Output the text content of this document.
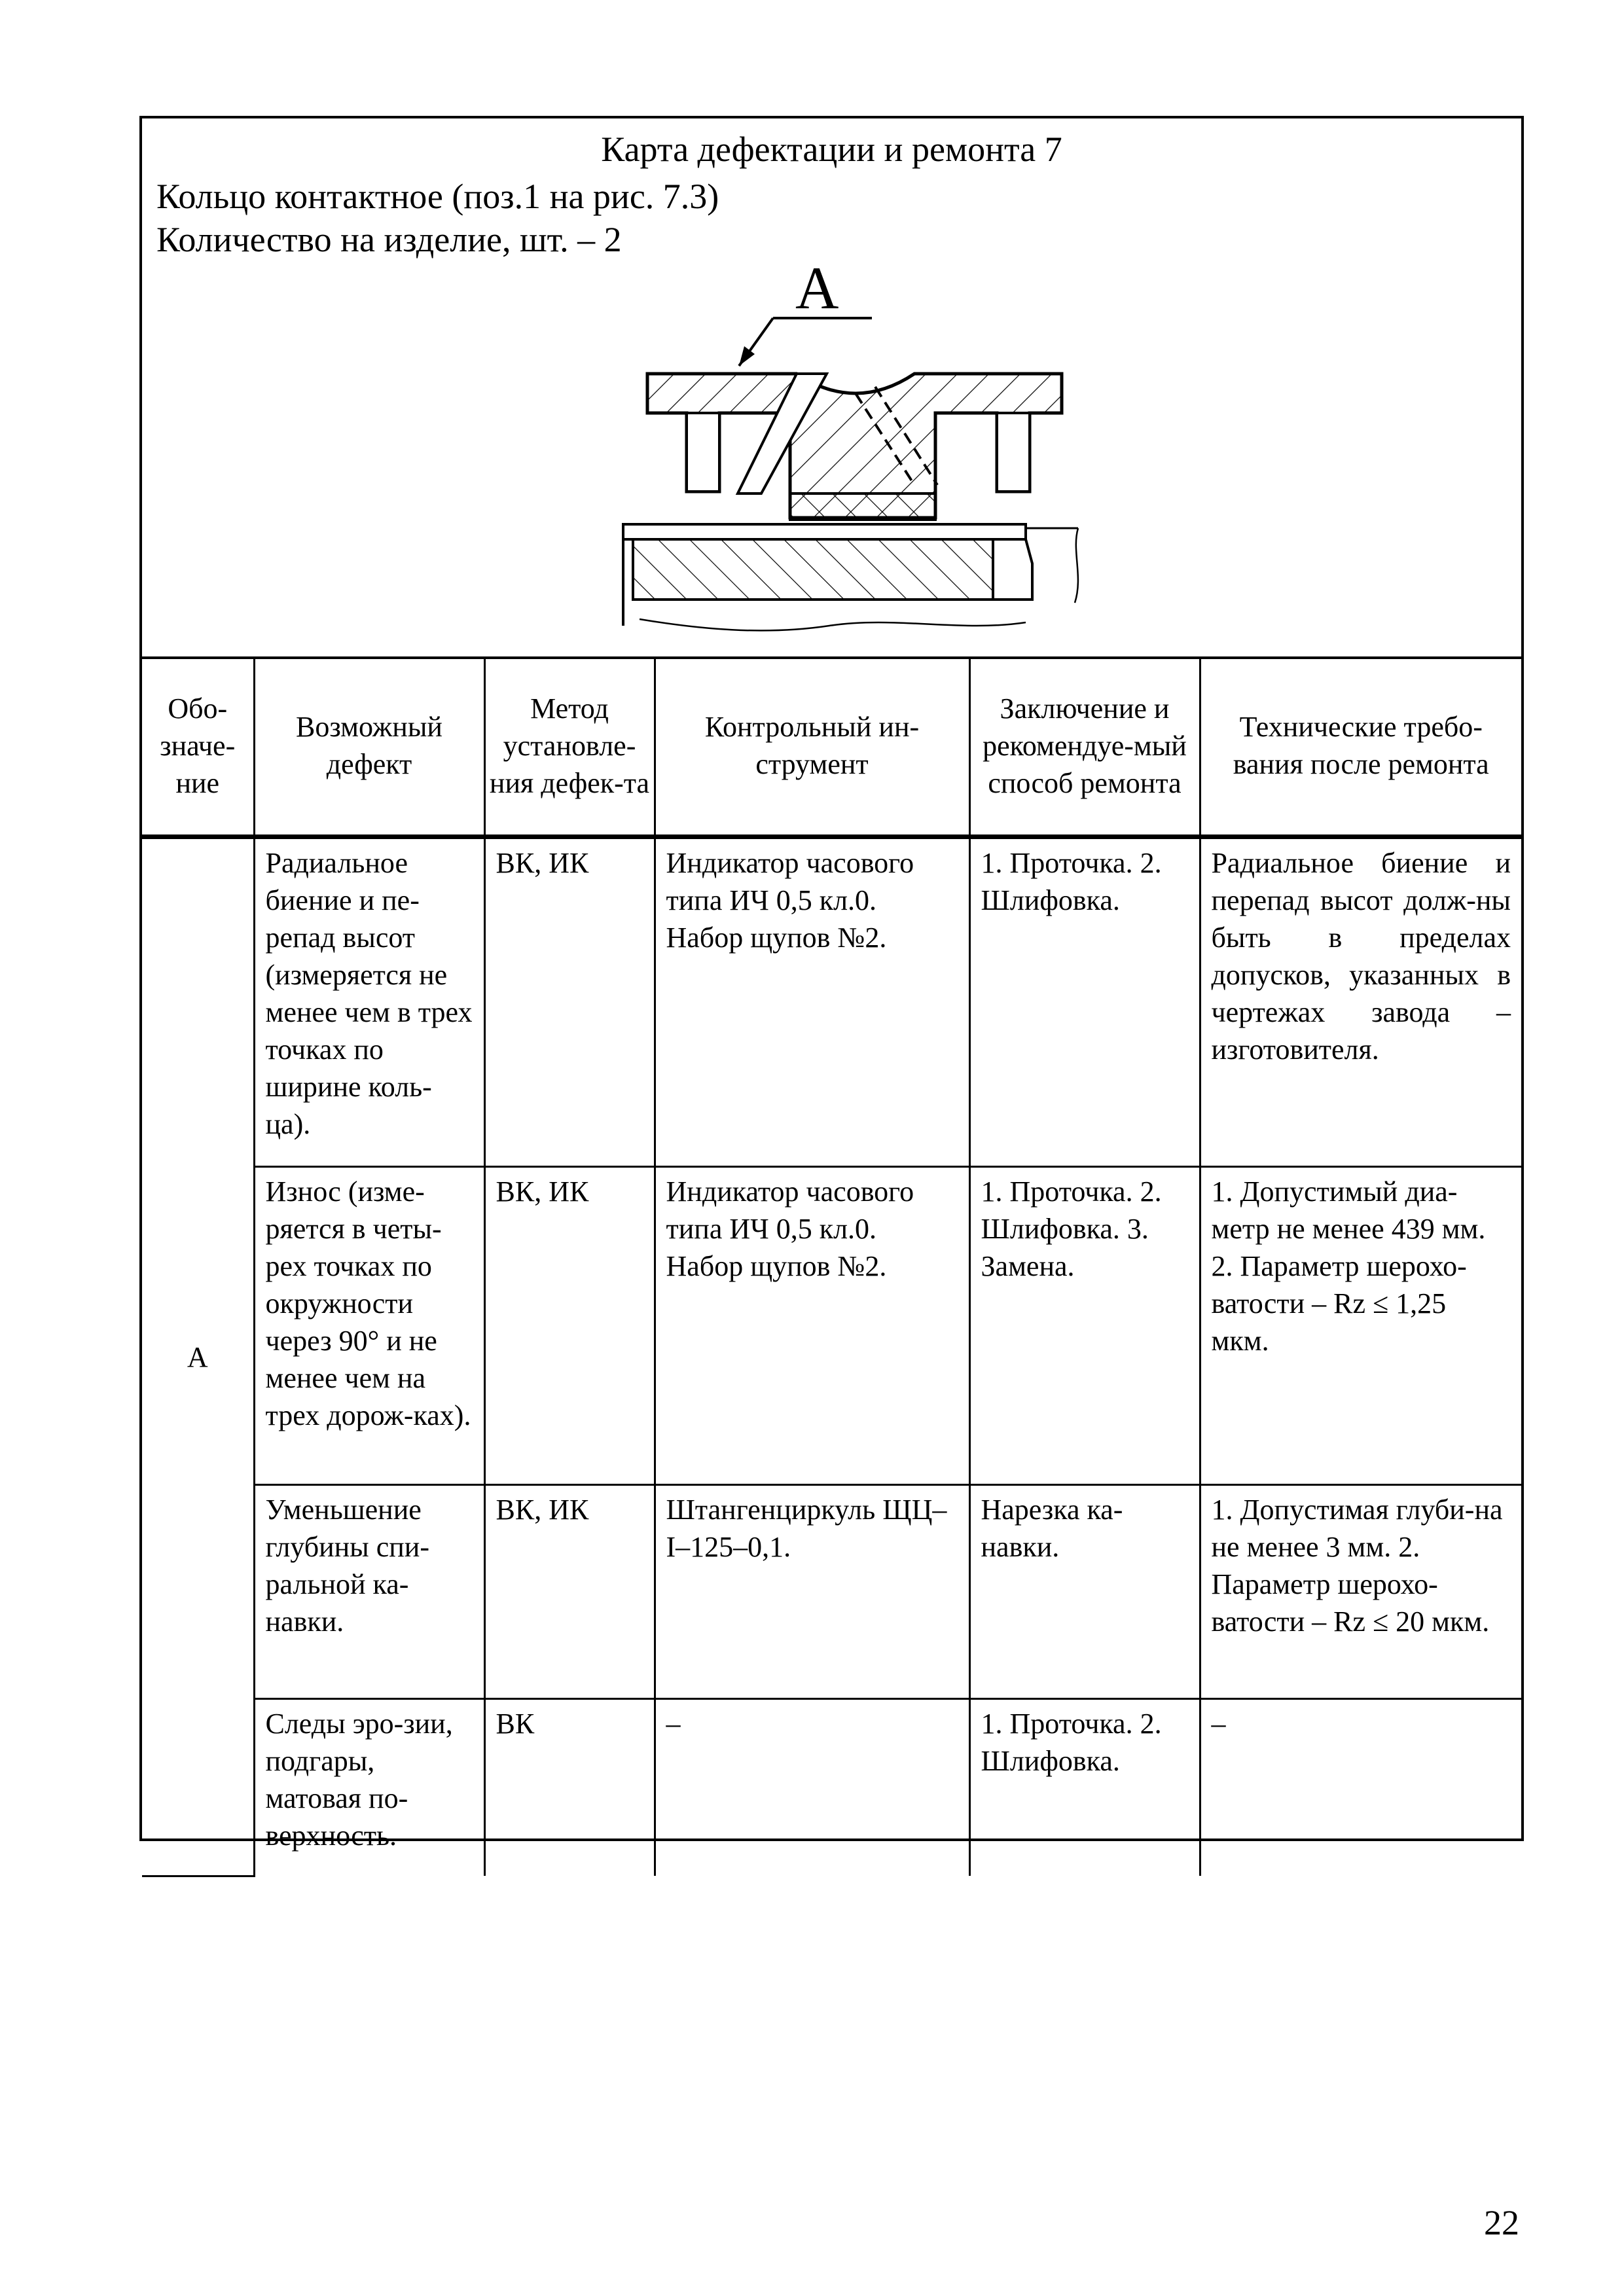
Карта дефектации и ремонта 7
Кольцо контактное (поз.1 на рис. 7.3)
Количество на изделие, шт. – 2
А
Обо-значе-ние	Возможный дефект	Метод установле-ния дефек-та	Контрольный ин-струмент	Заключение и рекомендуе-мый способ ремонта	Технические требо-вания после ремонта
А	Радиальное биение и пе-репад высот (измеряется не менее чем в трех точках по ширине коль-ца).	ВК, ИК	Индикатор часового типа ИЧ 0,5 кл.0. Набор щупов №2.	1. Проточка. 2. Шлифовка.	Радиальное биение и перепад высот долж-ны быть в пределах допусков, указанных в чертежах завода – изготовителя.
	Износ (изме-ряется в четы-рех точках по окружности через 90° и не менее чем на трех дорож-ках).	ВК, ИК	Индикатор часового типа ИЧ 0,5 кл.0. Набор щупов №2.	1. Проточка. 2. Шлифовка. 3. Замена.	1. Допустимый диа-метр не менее 439 мм. 2. Параметр шерохо-ватости – Rz ≤ 1,25 мкм.
	Уменьшение глубины спи-ральной ка-навки.	ВК, ИК	Штангенциркуль ЩЦ–I–125–0,1.	Нарезка ка-навки.	1. Допустимая глуби-на не менее 3 мм. 2. Параметр шерохо-ватости – Rz ≤ 20 мкм.
	Следы эро-зии, подгары, матовая по-верхность.	ВК	–	1. Проточка. 2. Шлифовка.	–
22
